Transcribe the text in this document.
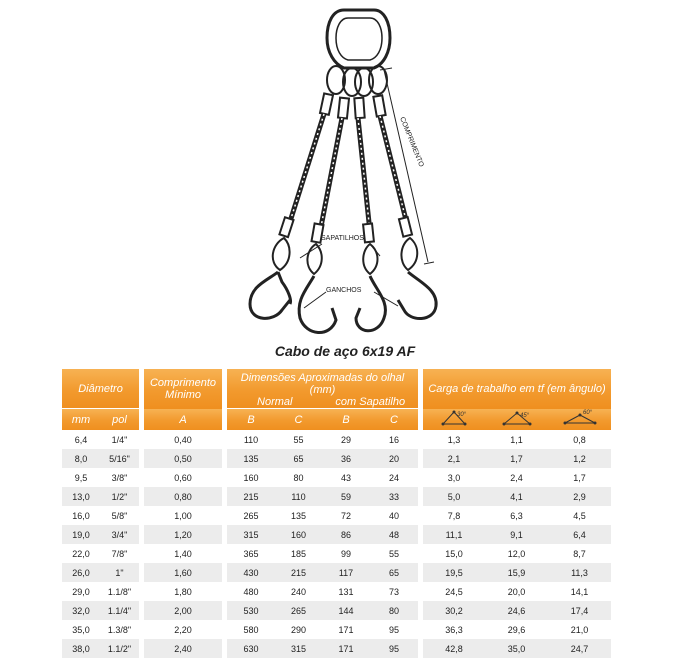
COMPRIMENTO
SAPATILHOS
GANCHOS
Cabo de aço 6x19 AF
Diâmetro			Comprimento Mínimo		Dimensões Aproximadas do olhal (mm)
Normal com Sapatilho					Carga de trabalho em tf (em ângulo)		
mm	pol		A		B	C	B	C		30°	45°	60°

6,4	1/4"		0,40		110	55	29	16		1,3	1,1	0,8
8,0	5/16"		0,50		135	65	36	20		2,1	1,7	1,2
9,5	3/8"		0,60		160	80	43	24		3,0	2,4	1,7
13,0	1/2"		0,80		215	110	59	33		5,0	4,1	2,9
16,0	5/8"		1,00		265	135	72	40		7,8	6,3	4,5
19,0	3/4"		1,20		315	160	86	48		11,1	9,1	6,4
22,0	7/8"		1,40		365	185	99	55		15,0	12,0	8,7
26,0	1"		1,60		430	215	117	65		19,5	15,9	11,3
29,0	1.1/8"		1,80		480	240	131	73		24,5	20,0	14,1
32,0	1.1/4"		2,00		530	265	144	80		30,2	24,6	17,4
35,0	1.3/8"		2,20		580	290	171	95		36,3	29,6	21,0
38,0	1.1/2"		2,40		630	315	171	95		42,8	35,0	24,7
